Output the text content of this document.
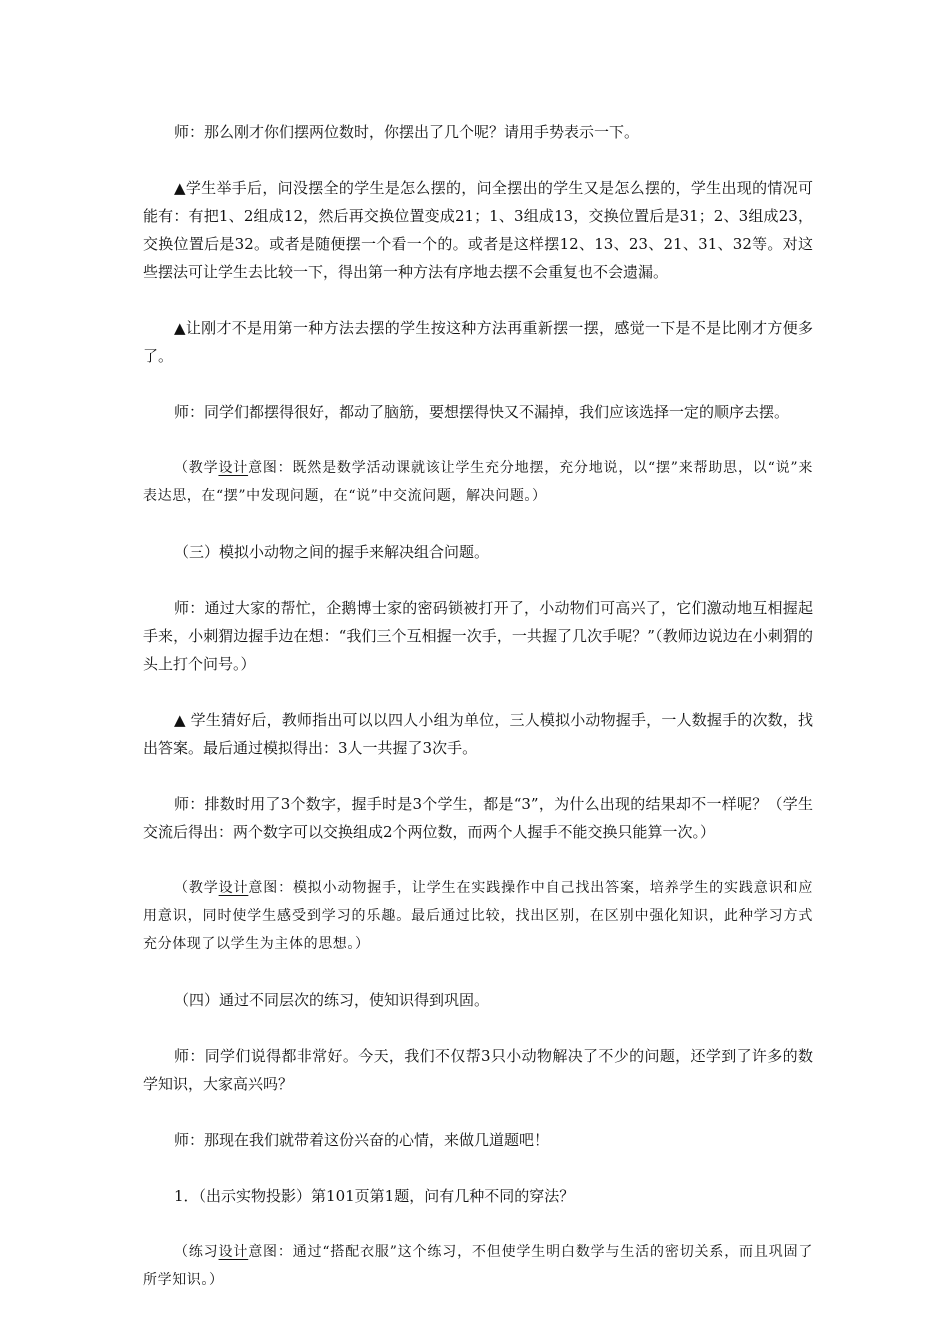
师：那么刚才你们摆两位数时，你摆出了几个呢？请用手势表示一下。

▲学生举手后，问没摆全的学生是怎么摆的，问全摆出的学生又是怎么摆的，学生出现的情况可能有：有把1、2组成12，然后再交换位置变成21；1、3组成13，交换位置后是31；2、3组成23，交换位置后是32。或者是随便摆一个看一个的。或者是这样摆12、13、23、21、31、32等。对这些摆法可让学生去比较一下，得出第一种方法有序地去摆不会重复也不会遗漏。

▲让刚才不是用第一种方法去摆的学生按这种方法再重新摆一摆，感觉一下是不是比刚才方便多了。

师：同学们都摆得很好，都动了脑筋，要想摆得快又不漏掉，我们应该选择一定的顺序去摆。

（教学设计意图：既然是数学活动课就该让学生充分地摆，充分地说，以“摆”来帮助思，以“说”来表达思，在“摆”中发现问题，在“说”中交流问题，解决问题。）

（三）模拟小动物之间的握手来解决组合问题。

师：通过大家的帮忙，企鹅博士家的密码锁被打开了，小动物们可高兴了，它们激动地互相握起手来，小刺猬边握手边在想：“我们三个互相握一次手，一共握了几次手呢？”（教师边说边在小刺猬的头上打个问号。）

▲ 学生猜好后，教师指出可以以四人小组为单位，三人模拟小动物握手，一人数握手的次数，找出答案。最后通过模拟得出：3人一共握了3次手。

师：排数时用了3个数字，握手时是3个学生，都是“3”，为什么出现的结果却不一样呢？（学生交流后得出：两个数字可以交换组成2个两位数，而两个人握手不能交换只能算一次。）

（教学设计意图：模拟小动物握手，让学生在实践操作中自己找出答案，培养学生的实践意识和应用意识，同时使学生感受到学习的乐趣。最后通过比较，找出区别，在区别中强化知识，此种学习方式充分体现了以学生为主体的思想。）

（四）通过不同层次的练习，使知识得到巩固。

师：同学们说得都非常好。今天，我们不仅帮3只小动物解决了不少的问题，还学到了许多的数学知识，大家高兴吗？

师：那现在我们就带着这份兴奋的心情，来做几道题吧！

1．（出示实物投影）第101页第1题，问有几种不同的穿法？

（练习设计意图：通过“搭配衣服”这个练习，不但使学生明白数学与生活的密切关系，而且巩固了所学知识。）
